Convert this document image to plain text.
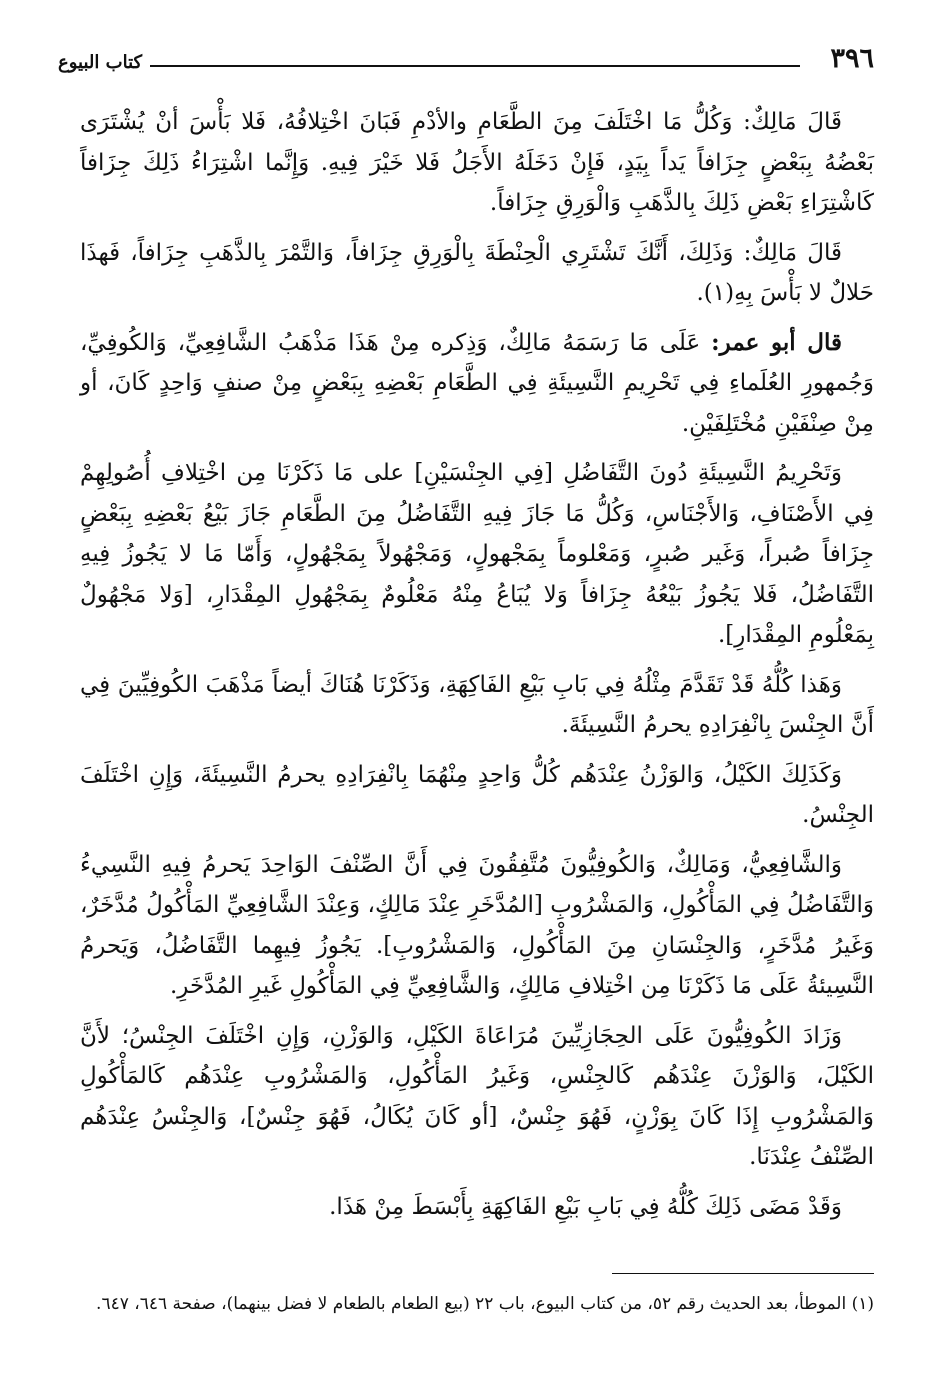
٣٩٦
كتاب البيوع

قَالَ مَالِكٌ: وَكُلُّ مَا اخْتَلَفَ مِنَ الطَّعَامِ والأدْمِ فَبَانَ اخْتِلافُهُ، فَلا بَأْسَ أنْ يُشْتَرَى بَعْضُهُ بِبَعْضٍ جِزَافاً يَداً بِيَدٍ، فَإِنْ دَخَلَهُ الأَجَلُ فَلا خَيْرَ فِيهِ. وَإِنَّما اشْتِرَاءُ ذَلِكَ جِزَافاً كَاشْتِرَاءِ بَعْضِ ذَلِكَ بِالذَّهَبِ وَالْوَرِقِ جِزَافاً.

قَالَ مَالِكٌ: وَذَلِكَ، أَنَّكَ تَشْتَرِي الْحِنْطَةَ بِالْوَرِقِ جِزَافاً، وَالتَّمْرَ بِالذَّهَبِ جِزَافاً، فَهذَا حَلالٌ لا بَأْسَ بِهِ(١).

قال أبو عمر: عَلَى مَا رَسَمَهُ مَالِكٌ، وَذِكره مِنْ هَذَا مَذْهَبُ الشَّافِعِيِّ، وَالكُوفِيِّ، وَجُمهورِ العُلَماءِ فِي تَحْرِيمِ النَّسِيئَةِ فِي الطَّعَامِ بَعْضِهِ بِبَعْضٍ مِنْ صنفٍ وَاحِدٍ كَانَ، أو مِنْ صِنْفَيْنِ مُخْتَلِفَيْنِ.

وَتَحْرِيمُ النَّسِيئَةِ دُونَ التَّفَاضُلِ [فِي الجِنْسَيْنِ] على مَا ذَكَرْنَا مِن اخْتِلافِ أُصُولِهِمْ فِي الأَصْنَافِ، وَالأَجْنَاسِ، وَكُلُّ مَا جَازَ فِيهِ التَّفَاضُلُ مِنَ الطَّعَامِ جَازَ بَيْعُ بَعْضِهِ بِبَعْضٍ جِزَافاً صُبراً، وَغَير صُبرٍ، وَمَعْلوماً بِمَجْهولٍ، وَمَجْهُولاً بِمَجْهُولٍ، وَأَمّا مَا لا يَجُوزُ فِيهِ التَّفَاضُلُ، فَلا يَجُوزُ بَيْعُهُ جِزَافاً وَلا يُبَاعُ مِنْهُ مَعْلُومٌ بِمَجْهُولِ المِقْدَارِ، [وَلا مَجْهُولٌ بِمَعْلُومِ المِقْدَارِ].

وَهَذا كُلُّهُ قَدْ تَقَدَّمَ مِثْلُهُ فِي بَابِ بَيْعِ الفَاكِهَةِ، وَذَكَرْنَا هُنَاكَ أيضاً مَذْهَبَ الكُوفِيِّينَ فِي أَنَّ الجِنْسَ بِانْفِرَادِهِ يحرمُ النَّسِيئَةَ.

وَكَذَلِكَ الكَيْلُ، وَالوَزْنُ عِنْدَهُم كُلُّ وَاحِدٍ مِنْهُمَا بِانْفِرَادِهِ يحرمُ النَّسِيئَةَ، وَإِنِ اخْتَلَفَ الجِنْسُ.

وَالشَّافِعِيُّ، وَمَالِكٌ، وَالكُوفِيُّونَ مُتَّفِقُونَ فِي أَنَّ الصِّنْفَ الوَاحِدَ يَحرمُ فِيهِ النَّسِيءُ وَالتَّفَاضُلُ فِي المَأْكُولِ، وَالمَشْرُوبِ [المُدَّخَرِ عِنْدَ مَالِكٍ، وَعِنْدَ الشَّافِعِيِّ المَأْكُولُ مُدَّخَرٌ، وَغَيرُ مُدَّخَرٍ، وَالجِنْسَانِ مِنَ المَأْكُولِ، وَالمَشْرُوبِ]. يَجُوزُ فِيهِما التَّفَاضُلُ، وَيَحرمُ النَّسِيئةُ عَلَى مَا ذَكَرْنَا مِن اخْتِلافِ مَالِكٍ، وَالشَّافِعِيِّ فِي المَأْكُولِ غَيرِ المُدَّخَرِ.

وَزَادَ الكُوفِيُّونَ عَلَى الحِجَازِيِّينَ مُرَاعَاةَ الكَيْلِ، وَالوَزْنِ، وَإِنِ اخْتَلَفَ الجِنْسُ؛ لأَنَّ الكَيْلَ، وَالوَزْنَ عِنْدَهُم كَالجِنْسِ، وَغَيرُ المَأْكُولِ، وَالمَشْرُوبِ عِنْدَهُم كَالمَأْكُولِ وَالمَشْرُوبِ إِذَا كَانَ بِوَزْنٍ، فَهُوَ جِنْسٌ، [أو كَانَ يُكَالُ، فَهُوَ جِنْسٌ]، وَالجِنْسُ عِنْدَهُم الصِّنْفُ عِنْدَنَا.

وَقَدْ مَضَى ذَلِكَ كُلُّهُ فِي بَابِ بَيْعِ الفَاكِهَةِ بِأَبْسَطَ مِنْ هَذَا.

(١) الموطأ، بعد الحديث رقم ٥٢، من كتاب البيوع، باب ٢٢ (بيع الطعام بالطعام لا فضل بينهما)، صفحة ٦٤٦، ٦٤٧.
